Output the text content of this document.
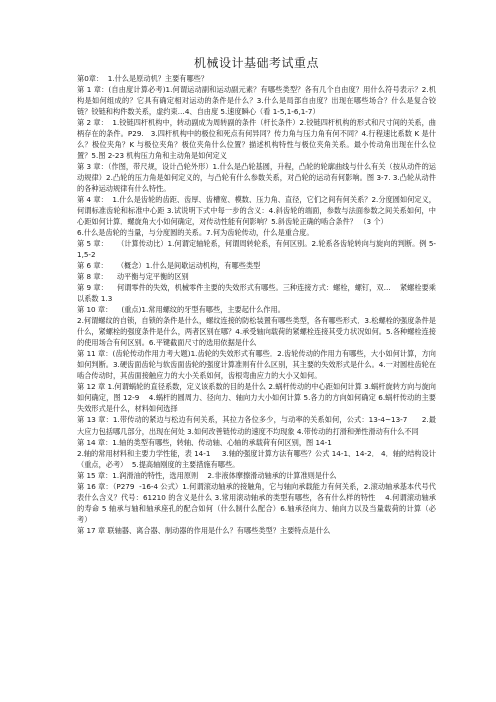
机械设计基础考试重点

第0章：  1.什么是原动机？主要有哪些？
第 1 章：(自由度计算必考)1.何谓运动副和运动副元素？有哪些类型？各有几个自由度？用什么符号表示？2.机构是如何组成的？它具有确定相对运动的条件是什么？3.什么是局部自由度？出现在哪些场合？什么是复合铰链？铰链和构件数关系，虚约束…4、自由度 5.速度瞬心（看 1-5,1-6,1-7）
第 2 章：  1.铰链四杆机构中，转动副成为周转副的条件（杆长条件）2.铰链四杆机构的形式和尺寸间的关系，曲柄存在的条件。P29.   3.四杆机构中的极位和死点有何异同？传力角与压力角有何不同？4.行程速比系数 K 是什么？极位夹角？K 与极位夹角？极位夹角什么位置？描述机构特性与极位夹角关系。最小传动角出现在什么位置？5.图 2-23 机构压力角和主动角是如何定义
第 3 章：（作图，带尺规，设计凸轮外形）1.什么是凸轮基圆，升程，凸轮的轮廓曲线与什么有关（按从动件的运动规律）2.凸轮的压力角是如何定义的，与凸轮有什么参数关系，对凸轮的运动有何影响。图 3-7. 3.凸轮从动件的各种运动规律有什么特性。
第 4 章：  1.什么是齿轮的齿距、齿厚、齿槽宽、模数、压力角、直径，它们之间有何关系？2.分度圆如何定义，何谓标准齿轮和标准中心距 3.试说明下式中每一步的含义：4.斜齿轮的端面，参数与法面参数之间关系如何，中心距如何计算．螺旋角大小如何确定，对传动性能有何影响？5.斜齿轮正确的啮合条件？ （3 个）
6.什么是齿轮的当量，与分度圆的关系。7.何为齿轮传动，什么是重合度。
第 5 章：    （计算传动比）1.何谓定轴轮系，何谓周转轮系，有何区别。2.轮系各齿轮转向与旋向的判断。例 5-1,5-2
第 6 章：    （概念）1.什么是间歇运动机构，有哪些类型
第 8 章：    动平衡与定平衡的区别
第 9 章：    何谓零件的失效，机械零件主要的失效形式有哪些。三种连接方式：螺栓，螺钉，双…    紧螺栓要乘以系数 1.3
第 10 章：    (重点)1.常用螺纹的牙型有哪些，主要起什么作用。
2.何谓螺纹的自锁，自锁的条件是什么，螺纹连接的防松装置有哪些类型，各有哪些形式．3.松螺栓的强度条件是什么，紧螺栓的强度条件是什么，两者区别在哪？4.承受轴向载荷的紧螺栓连接其受力状况如何。5.各种螺栓连接的使用场合有何区别。6.平键截面尺寸的选用依据是什么
第 11 章：(齿轮传动作用力考大题)1.齿轮的失效形式有哪些．2.齿轮传动的作用力有哪些，大小如何计算，方向如何判断。3.硬齿面齿轮与软齿面齿轮的强度计算准则有什么区别，其主要的失效形式是什么。4.一对圆柱齿轮在啮合传动时，其齿面接触应力的大小关系如何，齿根弯曲应力的大小又如何。
第 12 章 1.何谓蜗轮的直径系数，定义该系数的目的是什么 2.蜗杆传动的中心距如何计算 3.蜗杆旋转方向与旋向如何确定，图 12-9    4.蜗杆的圆周力、径向力、轴向力大小如何计算 5.各力的方向如何确定 6.蜗杆传动的主要失效形式是什么，材料如何选择
第 13 章：1.带传动的紧边与松边有何关系，其拉力各位多少，与动率的关系如何，公式：13-4~13-7      2.最大应力包括哪几部分，出现在何处 3.如何改善链传动的速度不均现象 4.带传动的打滑和弹性滑动有什么不同
第 14 章：1.轴的类型有哪些，转轴、传动轴、心轴的承载荷有何区别，图 14-1
2.轴的常用材料和主要力学性能，表 14-1     3.轴的强度计算方法有哪些？公式 14-1、14-2． 4．轴的结构设计（重点，必考）  5.提高轴刚度的主要措施有哪些。
第 15 章：1.润滑油的特性，选用原则    2.非液体摩擦滑动轴承的计算准则是什么
第 16 章：（P279  -16-4 公式）1.何谓滚动轴承的接触角，它与轴向承载能力有何关系，2.滚动轴承基本代号代表什么含义？代号：61210 的含义是什么 3.常用滚动轴承的类型有哪些，各有什么样的特性    4.何谓滚动轴承的寿命 5 轴承与轴和轴承座孔的配合如何（什么制什么配合）6.轴承径向力、轴向力以及当量载荷的计算（必考）
第 17 章 联轴器、离合器、制动器的作用是什么？有哪些类型？主要特点是什么
